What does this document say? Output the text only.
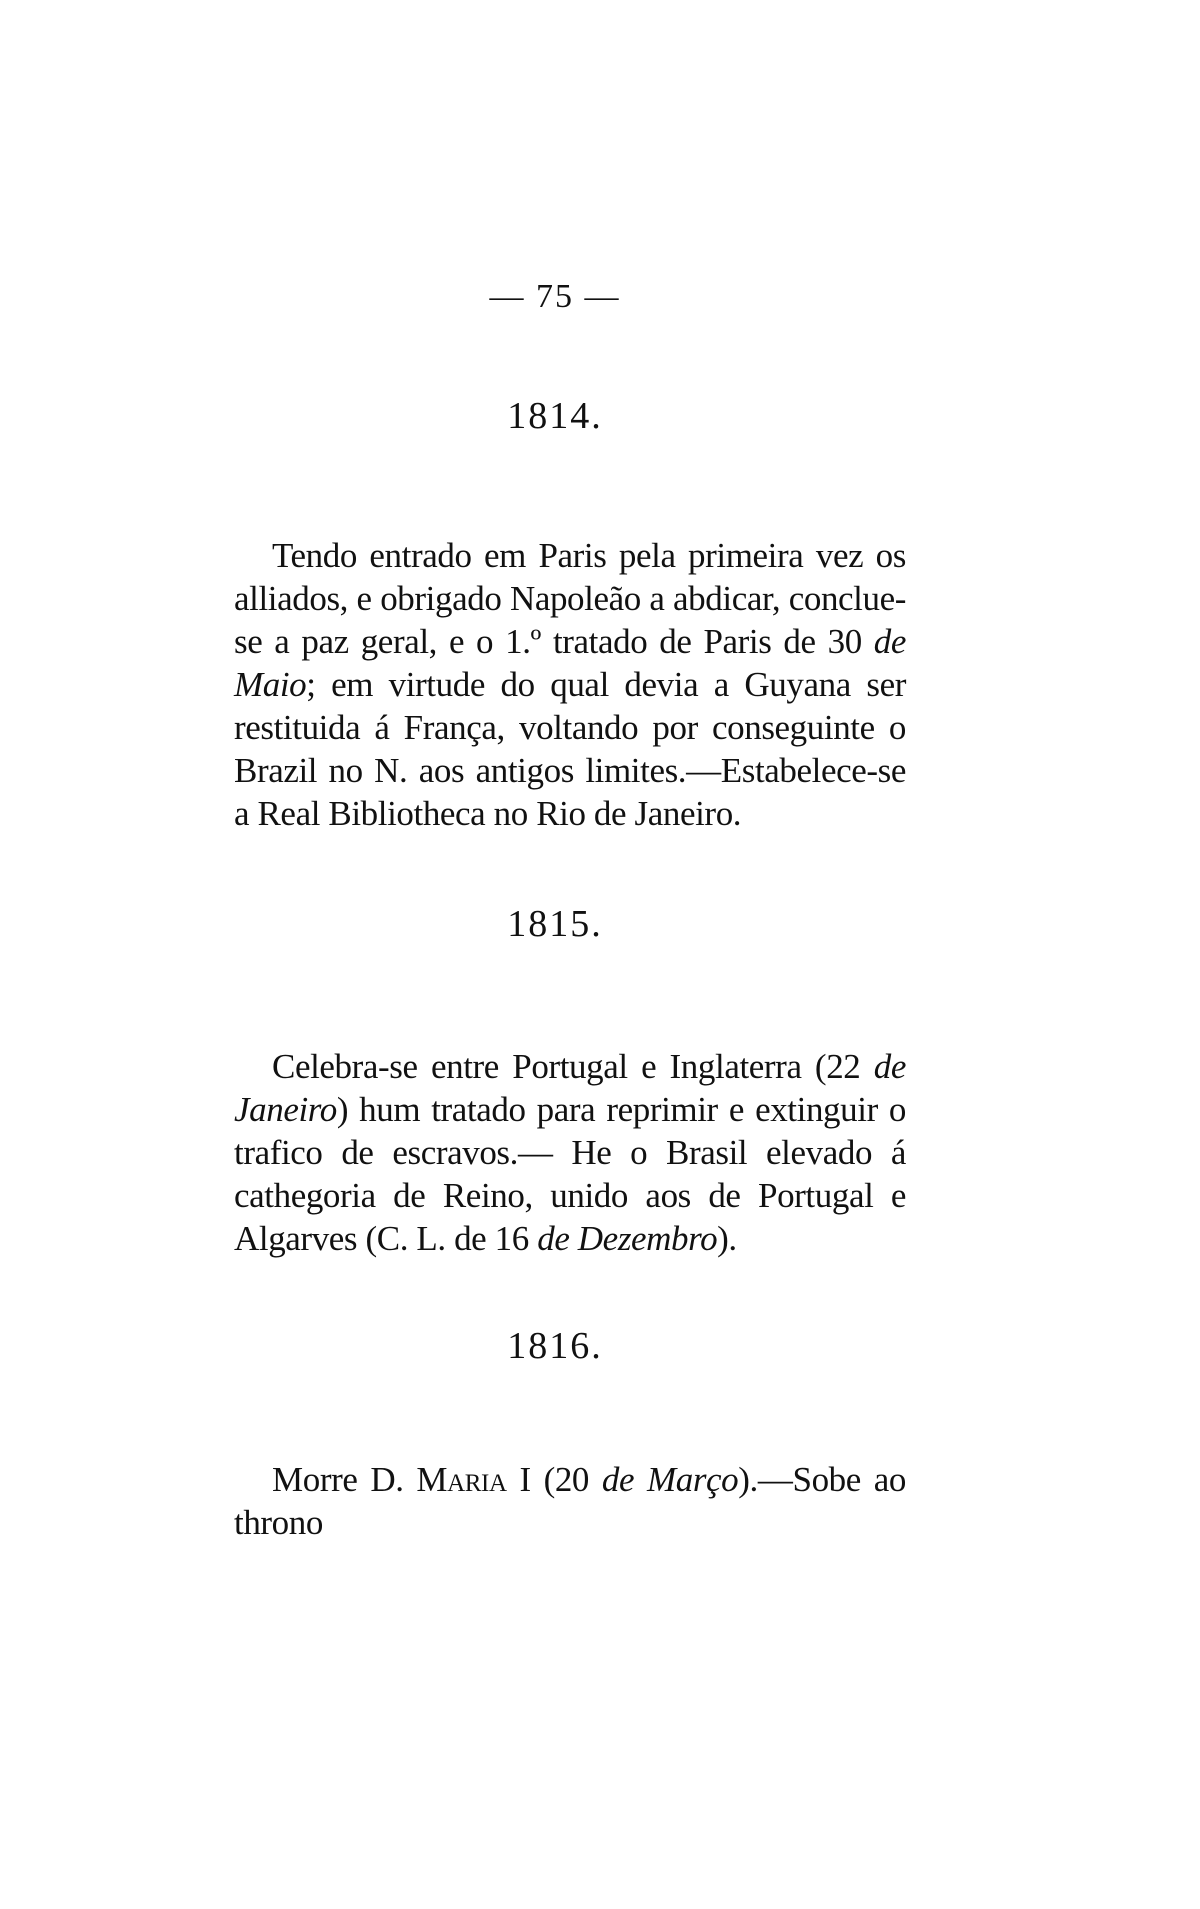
— 75 —
1814.

Tendo entrado em Paris pela primeira vez os alliados, e obrigado Napoleão a abdicar, conclue-se a paz geral, e o 1.º tratado de Paris de 30 de Maio; em virtude do qual devia a Guyana ser restituida á França, voltando por conseguinte o Brazil no N. aos antigos limites.—Estabelece-se a Real Bibliotheca no Rio de Janeiro.

1815.

Celebra-se entre Portugal e Inglaterra (22 de Janeiro) hum tratado para reprimir e extinguir o trafico de escravos.— He o Brasil elevado á cathegoria de Reino, unido aos de Portugal e Algarves (C. L. de 16 de Dezembro).

1816.

Morre D. Maria I (20 de Março).—Sobe ao throno
